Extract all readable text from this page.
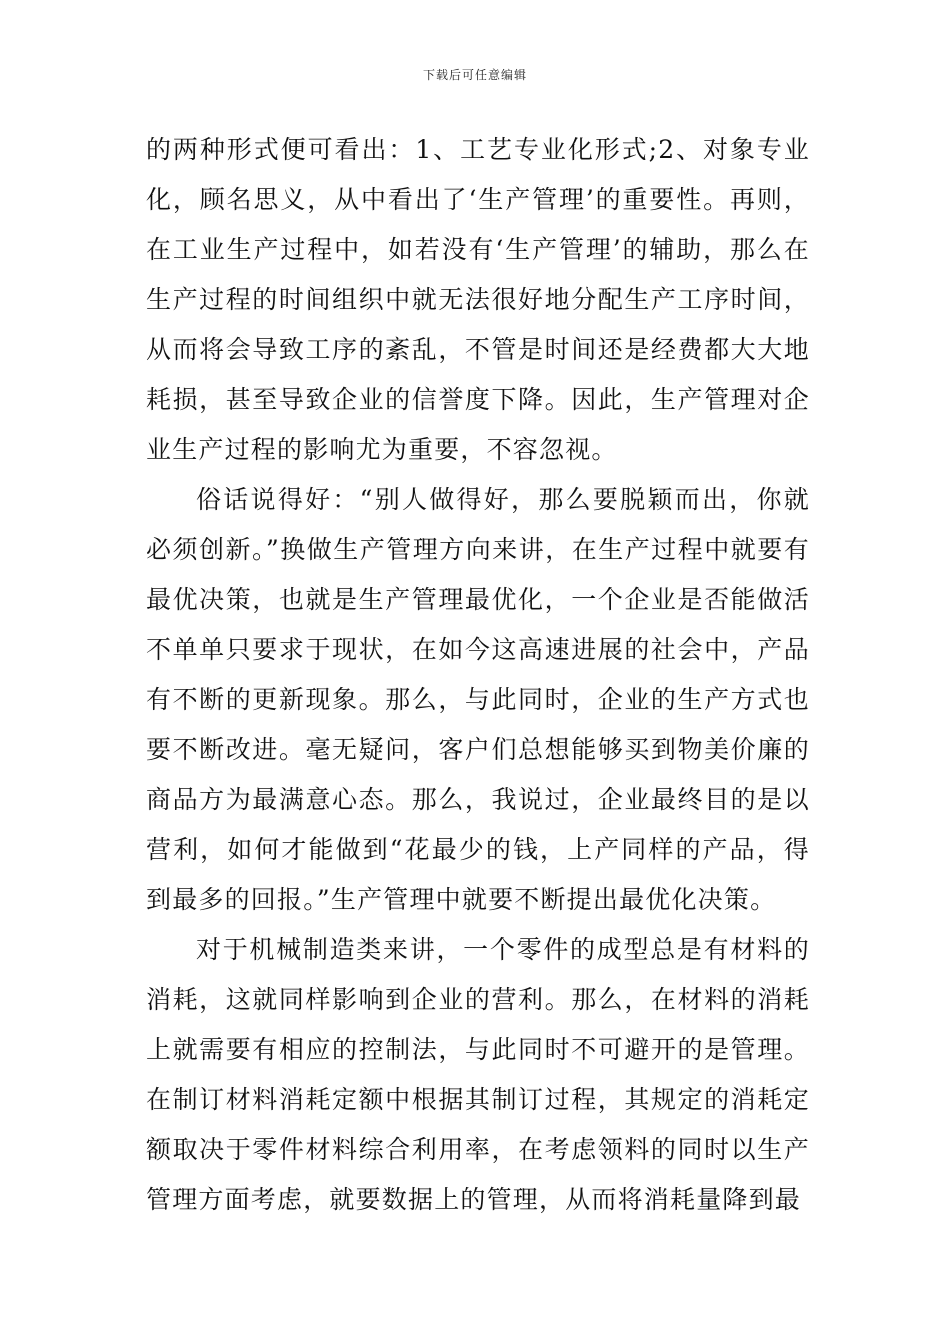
下载后可任意编辑

的两种形式便可看出：1、工艺专业化形式;2、对象专业化，顾名思义，从中看出了‘生产管理’的重要性。再则，在工业生产过程中，如若没有‘生产管理’的辅助，那么在生产过程的时间组织中就无法很好地分配生产工序时间，从而将会导致工序的紊乱，不管是时间还是经费都大大地耗损，甚至导致企业的信誉度下降。因此，生产管理对企业生产过程的影响尤为重要，不容忽视。

俗话说得好：“别人做得好，那么要脱颖而出，你就必须创新。”换做生产管理方向来讲，在生产过程中就要有最优决策，也就是生产管理最优化，一个企业是否能做活不单单只要求于现状，在如今这高速进展的社会中，产品有不断的更新现象。那么，与此同时，企业的生产方式也要不断改进。毫无疑问，客户们总想能够买到物美价廉的商品方为最满意心态。那么，我说过，企业最终目的是以营利，如何才能做到“花最少的钱，上产同样的产品，得到最多的回报。”生产管理中就要不断提出最优化决策。

对于机械制造类来讲，一个零件的成型总是有材料的消耗，这就同样影响到企业的营利。那么，在材料的消耗上就需要有相应的控制法，与此同时不可避开的是管理。在制订材料消耗定额中根据其制订过程，其规定的消耗定额取决于零件材料综合利用率，在考虑领料的同时以生产管理方面考虑，就要数据上的管理，从而将消耗量降到最
